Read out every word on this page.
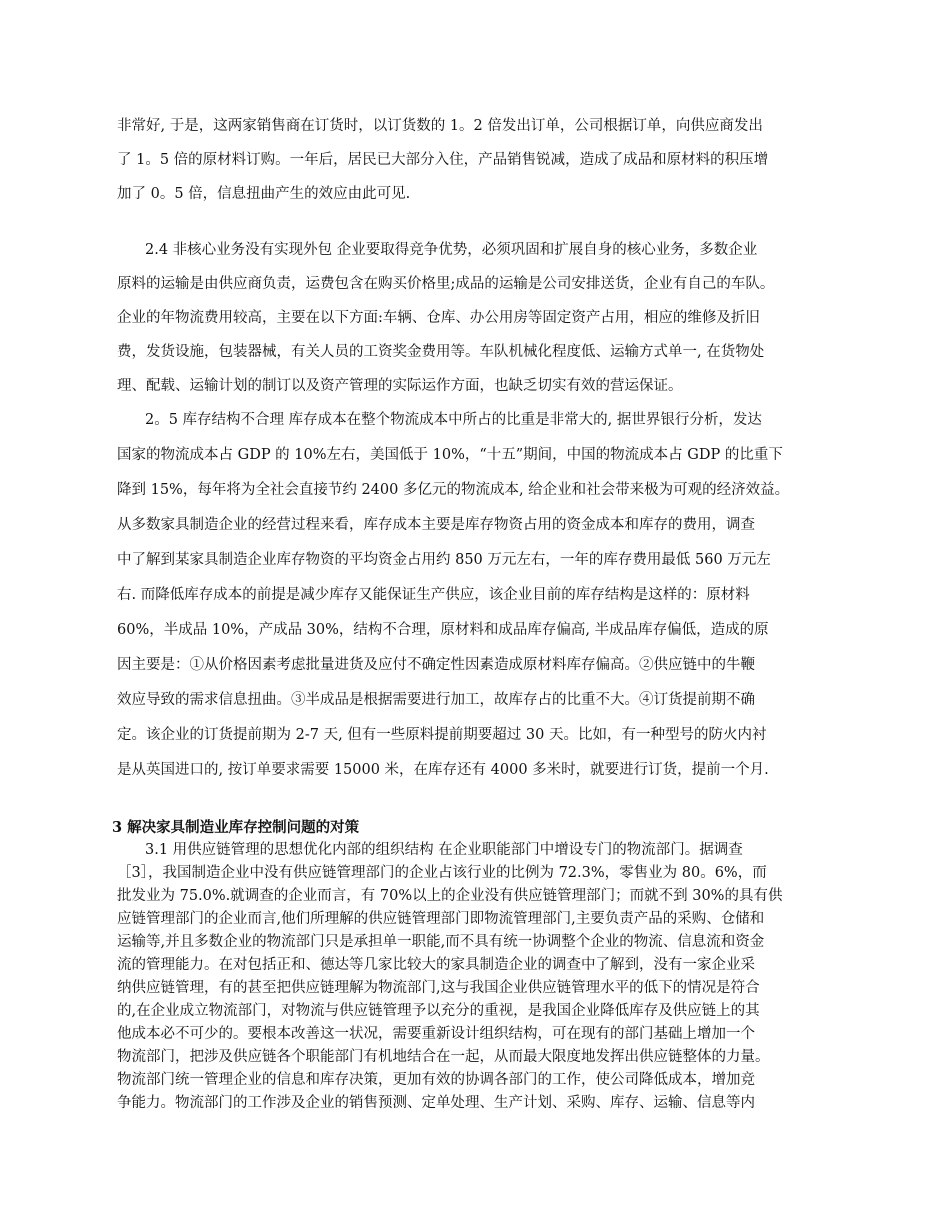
非常好, 于是，这两家销售商在订货时，以订货数的 1。2 倍发出订单，公司根据订单，向供应商发出
了 1。5 倍的原材料订购。一年后，居民已大部分入住，产品销售锐减，造成了成品和原材料的积压增
加了 0。5 倍，信息扭曲产生的效应由此可见.
2.4 非核心业务没有实现外包 企业要取得竞争优势，必须巩固和扩展自身的核心业务，多数企业
原料的运输是由供应商负责，运费包含在购买价格里;成品的运输是公司安排送货，企业有自己的车队。
企业的年物流费用较高，主要在以下方面:车辆、仓库、办公用房等固定资产占用，相应的维修及折旧
费，发货设施，包装器械，有关人员的工资奖金费用等。车队机械化程度低、运输方式单一, 在货物处
理、配载、运输计划的制订以及资产管理的实际运作方面，也缺乏切实有效的营运保证。
2。5 库存结构不合理 库存成本在整个物流成本中所占的比重是非常大的, 据世界银行分析，发达
国家的物流成本占 GDP 的 10%左右，美国低于 10%，“十五”期间，中国的物流成本占 GDP 的比重下
降到 15%，每年将为全社会直接节约 2400 多亿元的物流成本, 给企业和社会带来极为可观的经济效益。
从多数家具制造企业的经营过程来看，库存成本主要是库存物资占用的资金成本和库存的费用，调查
中了解到某家具制造企业库存物资的平均资金占用约 850 万元左右，一年的库存费用最低 560 万元左
右. 而降低库存成本的前提是减少库存又能保证生产供应，该企业目前的库存结构是这样的：原材料
60%，半成品 10%，产成品 30%，结构不合理，原材料和成品库存偏高, 半成品库存偏低，造成的原
因主要是：①从价格因素考虑批量进货及应付不确定性因素造成原材料库存偏高。②供应链中的牛鞭
效应导致的需求信息扭曲。③半成品是根据需要进行加工，故库存占的比重不大。④订货提前期不确
定。该企业的订货提前期为 2-7 天, 但有一些原料提前期要超过 30 天。比如，有一种型号的防火内衬
是从英国进口的, 按订单要求需要 15000 米，在库存还有 4000 多米时，就要进行订货，提前一个月.
3 解决家具制造业库存控制问题的对策
3.1 用供应链管理的思想优化内部的组织结构 在企业职能部门中增设专门的物流部门。据调查
［3］，我国制造企业中没有供应链管理部门的企业占该行业的比例为 72.3%，零售业为 80。6%，而
批发业为 75.0%.就调查的企业而言，有 70%以上的企业没有供应链管理部门；而就不到 30%的具有供
应链管理部门的企业而言,他们所理解的供应链管理部门即物流管理部门,主要负责产品的采购、仓储和
运输等,并且多数企业的物流部门只是承担单一职能,而不具有统一协调整个企业的物流、信息流和资金
流的管理能力。在对包括正和、德达等几家比较大的家具制造企业的调查中了解到，没有一家企业采
纳供应链管理，有的甚至把供应链理解为物流部门,这与我国企业供应链管理水平的低下的情况是符合
的,在企业成立物流部门，对物流与供应链管理予以充分的重视，是我国企业降低库存及供应链上的其
他成本必不可少的。要根本改善这一状况，需要重新设计组织结构，可在现有的部门基础上增加一个
物流部门，把涉及供应链各个职能部门有机地结合在一起，从而最大限度地发挥出供应链整体的力量。
物流部门统一管理企业的信息和库存决策，更加有效的协调各部门的工作，使公司降低成本，增加竞
争能力。物流部门的工作涉及企业的销售预测、定单处理、生产计划、采购、库存、运输、信息等内
